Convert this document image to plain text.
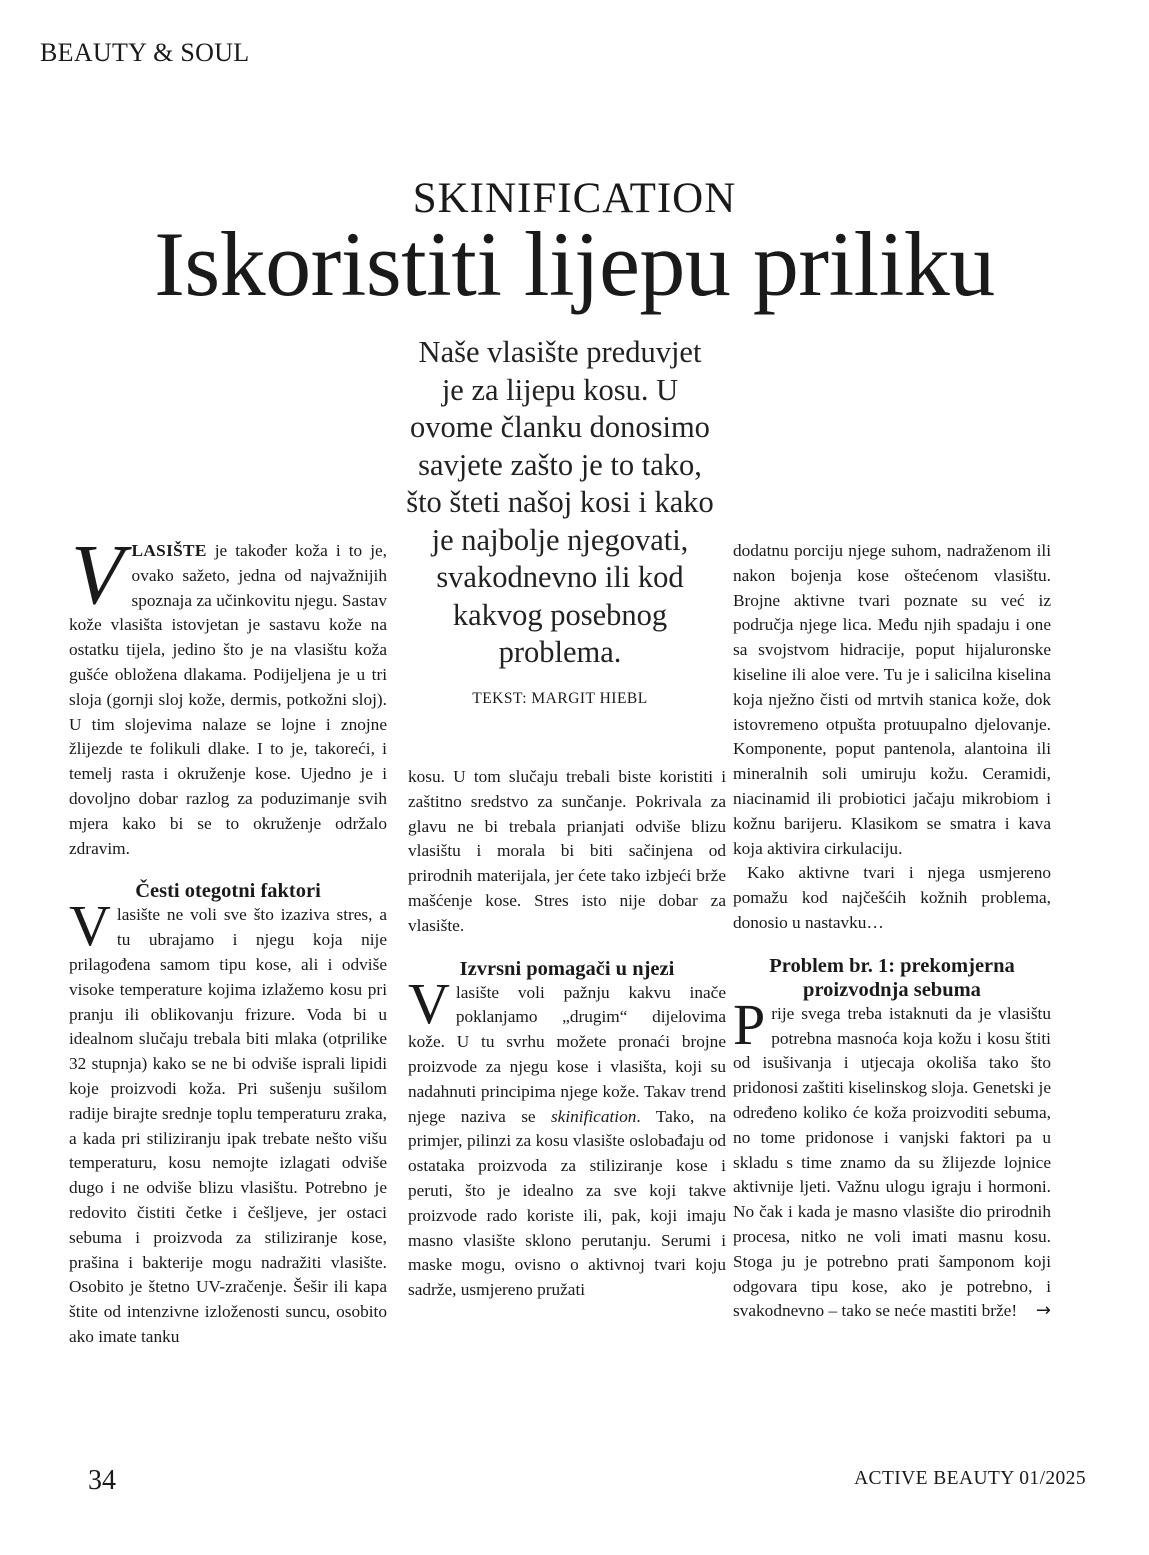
BEAUTY & SOUL
SKINIFICATION
Iskoristiti lijepu priliku
Naše vlasište preduvjet je za lijepu kosu. U ovome članku donosimo savjete zašto je to tako, što šteti našoj kosi i kako je najbolje njegovati, svakodnevno ili kod kakvog posebnog problema.
TEKST: MARGIT HIEBL

VLASIŠTE je također koža i to je, ovako sažeto, jedna od najvažnijih spoznaja za učinkovitu njegu. Sastav kože vlasišta istovjetan je sastavu kože na ostatku tijela, jedino što je na vlasištu koža gušće obložena dlakama. Podijeljena je u tri sloja (gornji sloj kože, dermis, potkožni sloj). U tim slojevima nalaze se lojne i znojne žlijezde te folikuli dlake. I to je, takoreći, i temelj rasta i okruženje kose. Ujedno je i dovoljno dobar razlog za poduzimanje svih mjera kako bi se to okruženje održalo zdravim.

Česti otegotni faktori

Vlasište ne voli sve što izaziva stres, a tu ubrajamo i njegu koja nije prilagođena samom tipu kose, ali i odviše visoke temperature kojima izlažemo kosu pri pranju ili oblikovanju frizure. Voda bi u idealnom slučaju trebala biti mlaka (otprilike 32 stupnja) kako se ne bi odviše isprali lipidi koje proizvodi koža. Pri sušenju sušilom radije birajte srednje toplu temperaturu zraka, a kada pri stiliziranju ipak trebate nešto višu temperaturu, kosu nemojte izlagati odviše dugo i ne odviše blizu vlasištu. Potrebno je redovito čistiti četke i češljeve, jer ostaci sebuma i proizvoda za stiliziranje kose, prašina i bakterije mogu nadražiti vlasište. Osobito je štetno UV-zračenje. Šešir ili kapa štite od intenzivne izloženosti suncu, osobito ako imate tanku

kosu. U tom slučaju trebali biste koristiti i zaštitno sredstvo za sunčanje. Pokrivala za glavu ne bi trebala prianjati odviše blizu vlasištu i morala bi biti sačinjena od prirodnih materijala, jer ćete tako izbjeći brže mašćenje kose. Stres isto nije dobar za vlasište.

Izvrsni pomagači u njezi

Vlasište voli pažnju kakvu inače poklanjamo „drugim“ dijelovima kože. U tu svrhu možete pronaći brojne proizvode za njegu kose i vlasišta, koji su nadahnuti principima njege kože. Takav trend njege naziva se skinification. Tako, na primjer, pilinzi za kosu vlasište oslobađaju od ostataka proizvoda za stiliziranje kose i peruti, što je idealno za sve koji takve proizvode rado koriste ili, pak, koji imaju masno vlasište sklono perutanju. Serumi i maske mogu, ovisno o aktivnoj tvari koju sadrže, usmjereno pružati

dodatnu porciju njege suhom, nadraženom ili nakon bojenja kose oštećenom vlasištu. Brojne aktivne tvari poznate su već iz područja njege lica. Među njih spadaju i one sa svojstvom hidracije, poput hijaluronske kiseline ili aloe vere. Tu je i salicilna kiselina koja nježno čisti od mrtvih stanica kože, dok istovremeno otpušta protuupalno djelovanje. Komponente, poput pantenola, alantoina ili mineralnih soli umiruju kožu. Ceramidi, niacinamid ili probiotici jačaju mikrobiom i kožnu barijeru. Klasikom se smatra i kava koja aktivira cirkulaciju.

Kako aktivne tvari i njega usmjereno pomažu kod najčešćih kožnih problema, donosio u nastavku…

Problem br. 1: prekomjerna proizvodnja sebuma

Prije svega treba istaknuti da je vlasištu potrebna masnoća koja kožu i kosu štiti od isušivanja i utjecaja okoliša tako što pridonosi zaštiti kiselinskog sloja. Genetski je određeno koliko će koža proizvoditi sebuma, no tome pridonose i vanjski faktori pa u skladu s time znamo da su žlijezde lojnice aktivnije ljeti. Važnu ulogu igraju i hormoni. No čak i kada je masno vlasište dio prirodnih procesa, nitko ne voli imati masnu kosu. Stoga ju je potrebno prati šamponom koji odgovara tipu kose, ako je potrebno, i svakodnevno – tako se neće mastiti brže! →

34	ACTIVE BEAUTY 01/2025
